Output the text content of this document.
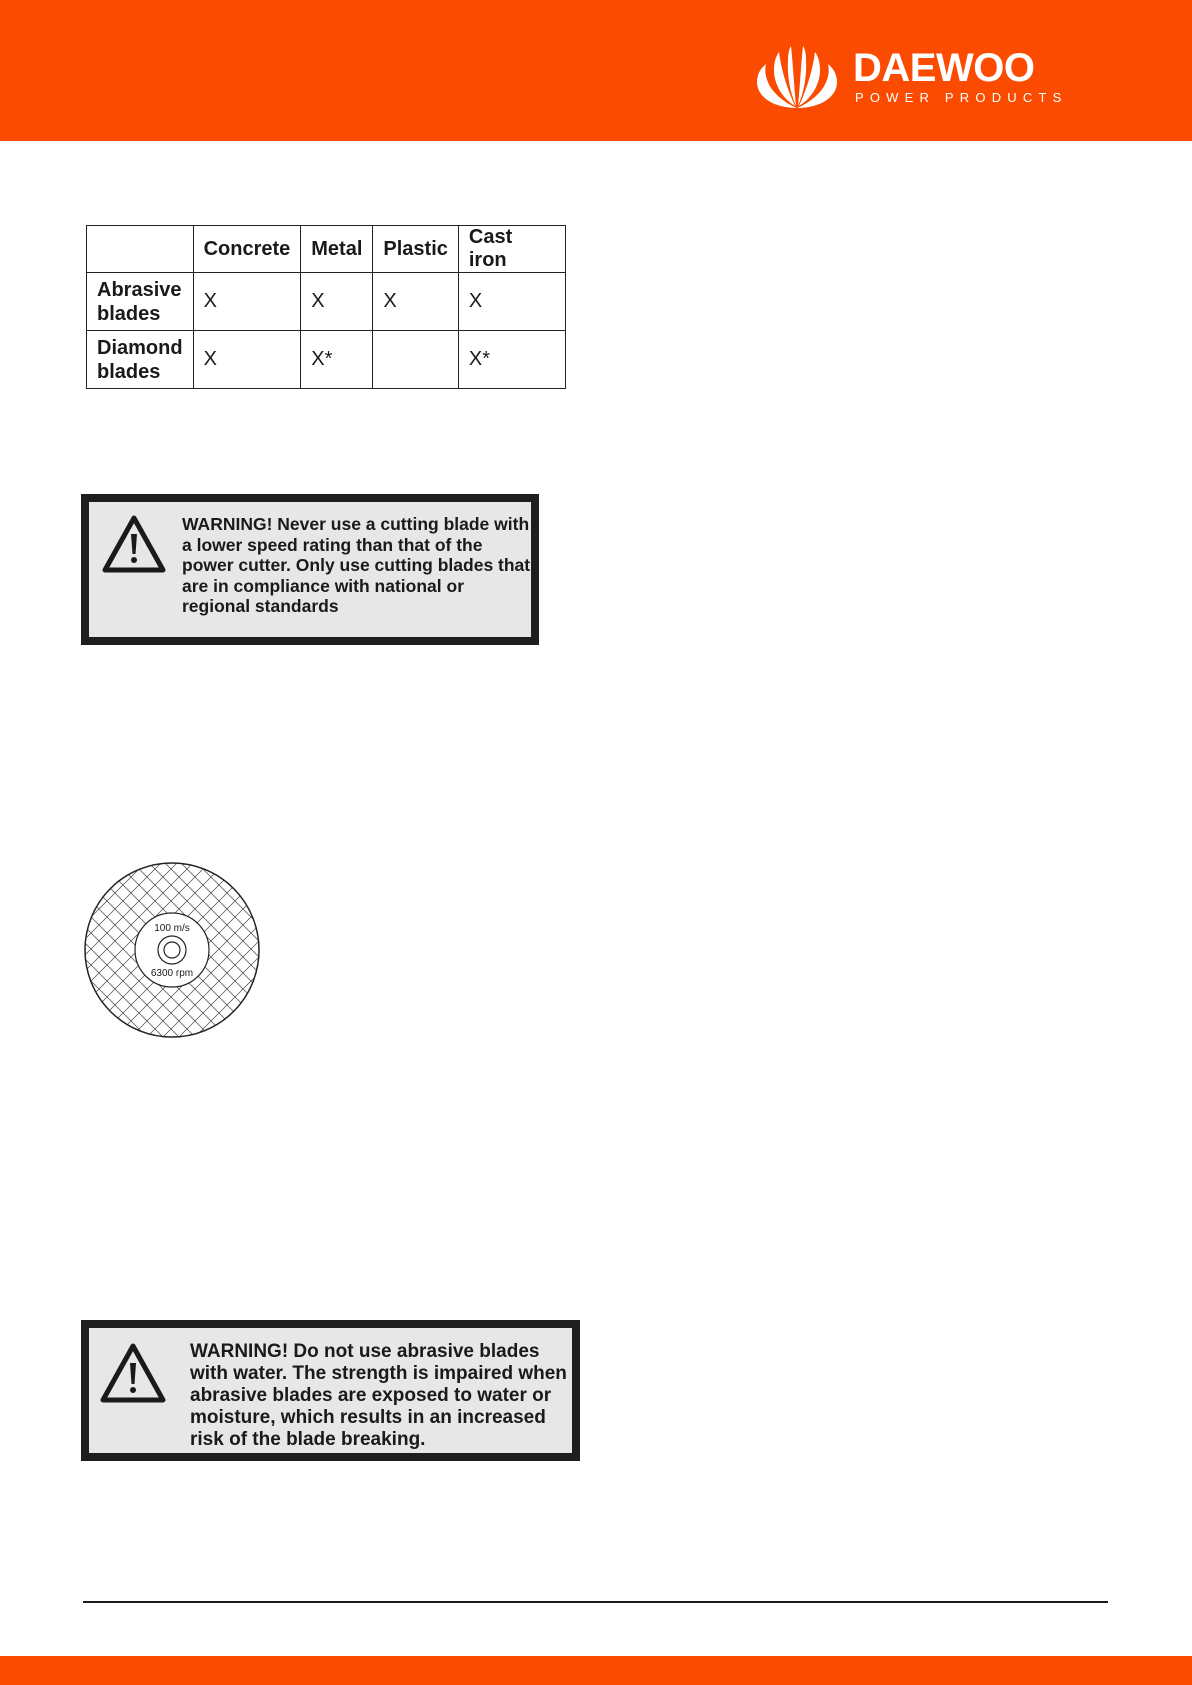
DAEWOO
POWER PRODUCTS
	Concrete	Metal	Plastic	Cast iron
Abrasive
blades	X	X	X	X
Diamond
blades	X	X*		X*
WARNING! Never use a cutting blade with a lower speed rating than that of the power cutter. Only use cutting blades that are in compliance with national or regional standards
100 m/s
6300 rpm
WARNING! Do not use abrasive blades with water. The strength is impaired when abrasive blades are exposed to water or moisture, which results in an increased risk of the blade breaking.
